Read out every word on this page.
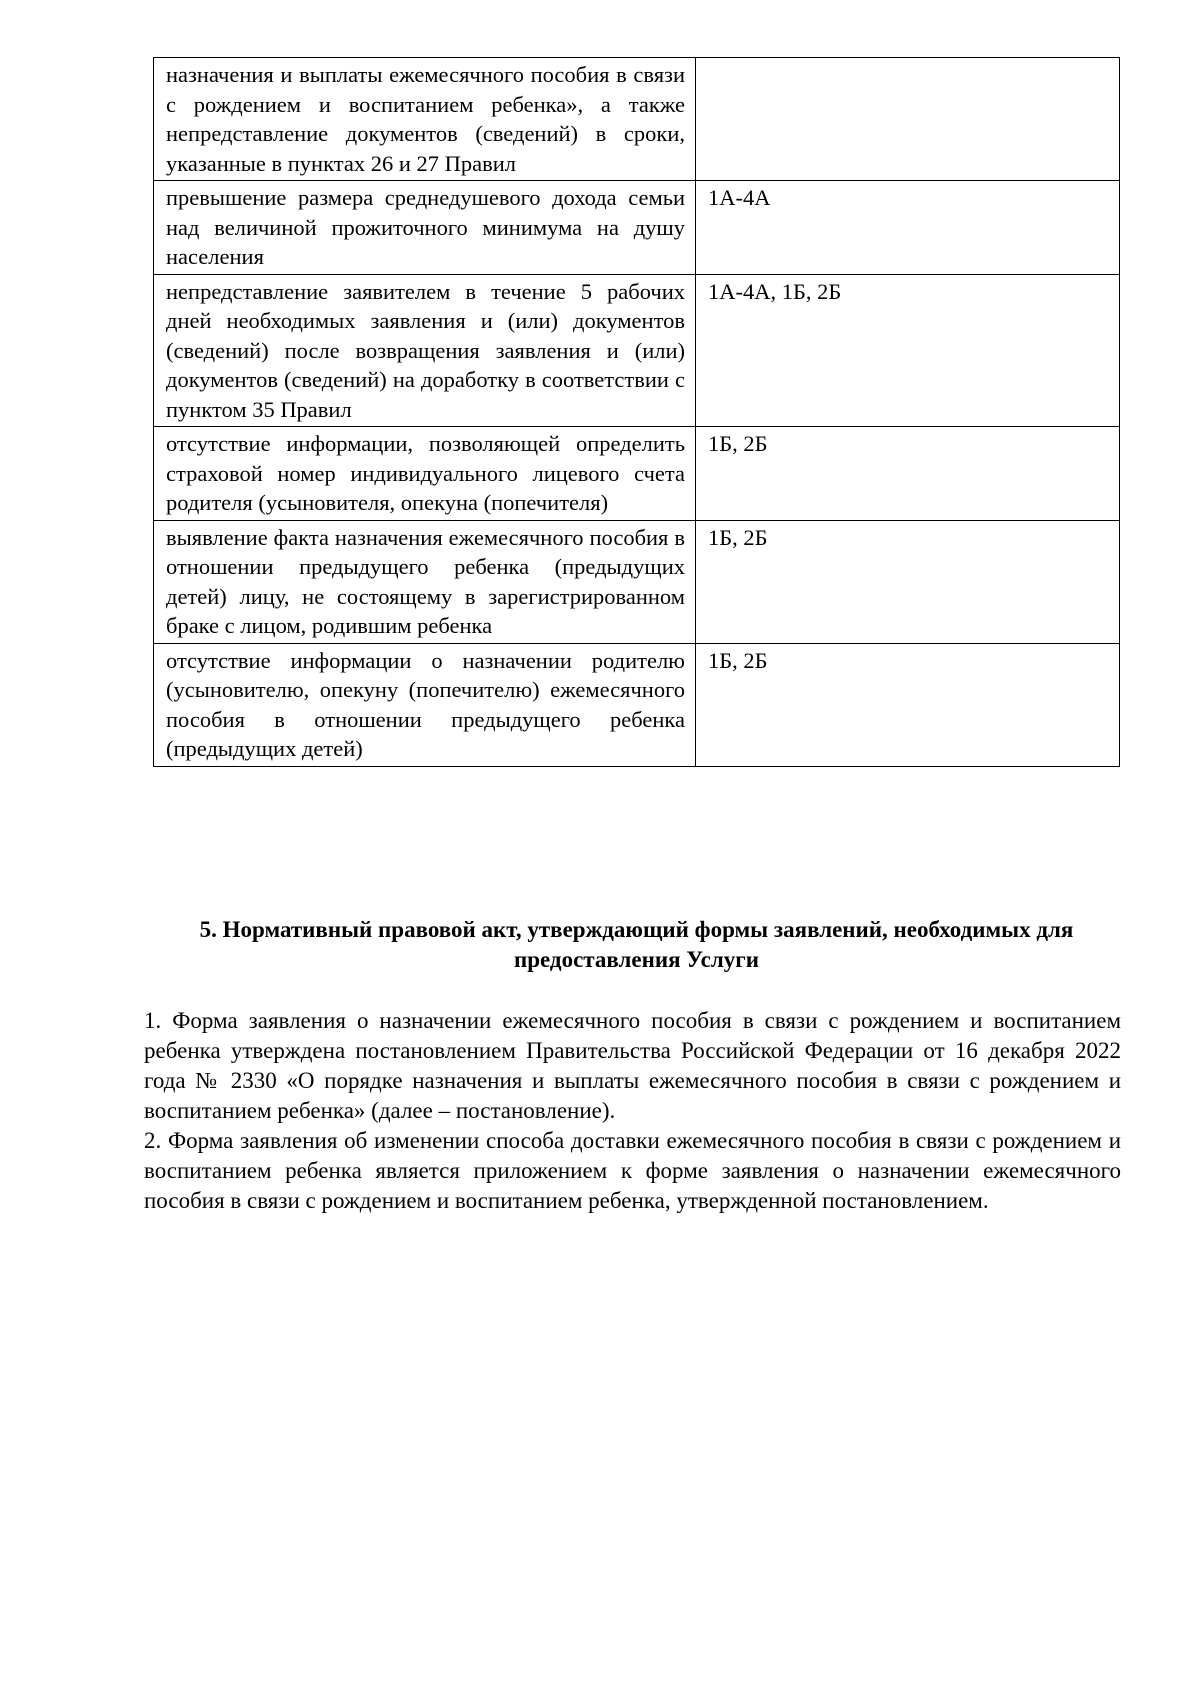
назначения и выплаты ежемесячного пособия в связи с рождением и воспитанием ребенка», а также непредставление документов (сведений) в сроки, указанные в пунктах 26 и 27 Правил	
превышение размера среднедушевого дохода семьи над величиной прожиточного минимума на душу населения	1А-4А
непредставление заявителем в течение 5 рабочих дней необходимых заявления и (или) документов (сведений) после возвращения заявления и (или) документов (сведений) на доработку в соответствии с пунктом 35 Правил	1А-4А, 1Б, 2Б
отсутствие информации, позволяющей определить страховой номер индивидуального лицевого счета родителя (усыновителя, опекуна (попечителя)	1Б, 2Б
выявление факта назначения ежемесячного пособия в отношении предыдущего ребенка (предыдущих детей) лицу, не состоящему в зарегистрированном браке с лицом, родившим ребенка	1Б, 2Б
отсутствие информации о назначении родителю (усыновителю, опекуну (попечителю) ежемесячного пособия в отношении предыдущего ребенка (предыдущих детей)	1Б, 2Б
5. Нормативный правовой акт, утверждающий формы заявлений, необходимых для предоставления Услуги

1. Форма заявления о назначении ежемесячного пособия в связи с рождением и воспитанием ребенка утверждена постановлением Правительства Российской Федерации от 16 декабря 2022 года № 2330 «О порядке назначения и выплаты ежемесячного пособия в связи с рождением и воспитанием ребенка» (далее – постановление).

2. Форма заявления об изменении способа доставки ежемесячного пособия в связи с рождением и воспитанием ребенка является приложением к форме заявления о назначении ежемесячного пособия в связи с рождением и воспитанием ребенка, утвержденной постановлением.
